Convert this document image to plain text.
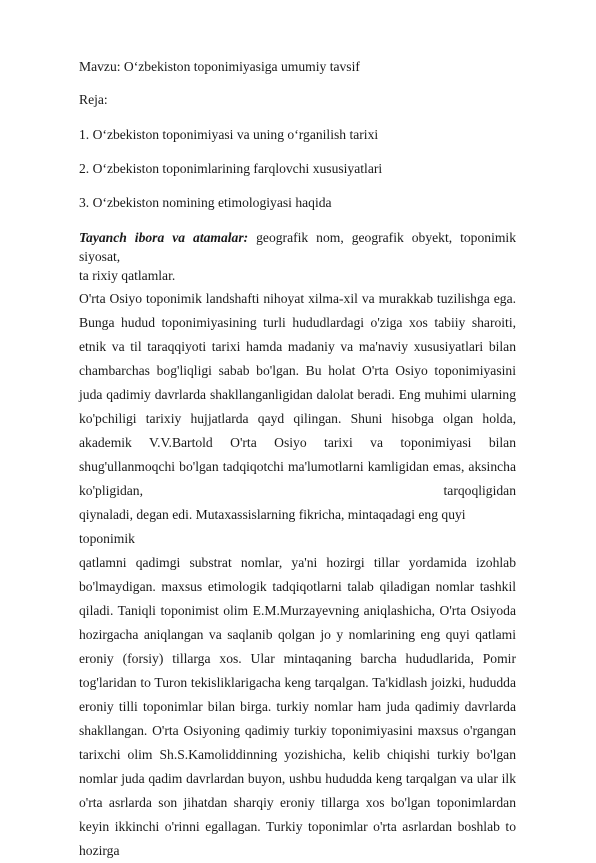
Mavzu: O‘zbekiston toponimiyasiga umumiy tavsif
Reja:
1. O‘zbekiston toponimiyasi va uning o‘rganilish tarixi
2. O‘zbekiston toponimlarining farqlovchi xususiyatlari
3. O‘zbekiston nomining etimologiyasi haqida

Tayanch ibora va atamalar: geografik nom, geografik obyekt, toponimik siyosat,
ta rixiy qatlamlar.

O'rta Osiyo toponimik landshafti nihoyat xilma-xil va murakkab tuzilishga ega. Bunga hudud toponimiyasining turli hududlardagi o'ziga xos tabiiy sharoiti, etnik va til taraqqiyoti tarixi hamda madaniy va ma'naviy xususiyatlari bilan chambarchas bog'liqligi sabab bo'lgan. Bu holat O'rta Osiyo toponimiyasini juda qadimiy davrlarda shakllanganligidan dalolat beradi. Eng muhimi ularning ko'pchiligi tarixiy hujjatlarda qayd qilingan. Shuni hisobga olgan holda, akademik V.V.Bartold O'rta Osiyo tarixi va toponimiyasi bilan shug'ullanmoqchi bo'lgan tadqiqotchi ma'lumotlarni kamligidan emas, aksincha ko'pligidan, tarqoqligidan

qiynaladi, degan edi. Mutaxassislarning fikricha, mintaqadagi eng quyi toponimik

qatlamni qadimgi substrat nomlar, ya'ni hozirgi tillar yordamida izohlab bo'lmaydigan. maxsus etimologik tadqiqotlarni talab qiladigan nomlar tashkil qiladi. Taniqli toponimist olim E.M.Murzayevning aniqlashicha, O'rta Osiyoda hozirgacha aniqlangan va saqlanib qolgan jo y nomlarining eng quyi qatlami eroniy (forsiy) tillarga xos. Ular mintaqaning barcha hududlarida, Pomir tog'laridan to Turon tekisliklarigacha keng tarqalgan. Ta'kidlash joizki, hududda eroniy tilli toponimlar bilan birga. turkiy nomlar ham juda qadimiy davrlarda shakllangan. O'rta Osiyoning qadimiy turkiy toponimiyasini maxsus o'rgangan tarixchi olim Sh.S.Kamoliddinning yozishicha, kelib chiqishi turkiy bo'lgan nomlar juda qadim davrlardan buyon, ushbu hududda keng tarqalgan va ular ilk o'rta asrlarda son jihatdan sharqiy eroniy tillarga xos bo'lgan toponimlardan keyin ikkinchi o'rinni egallagan. Turkiy toponimlar o'rta asrlardan boshlab to hozirga
